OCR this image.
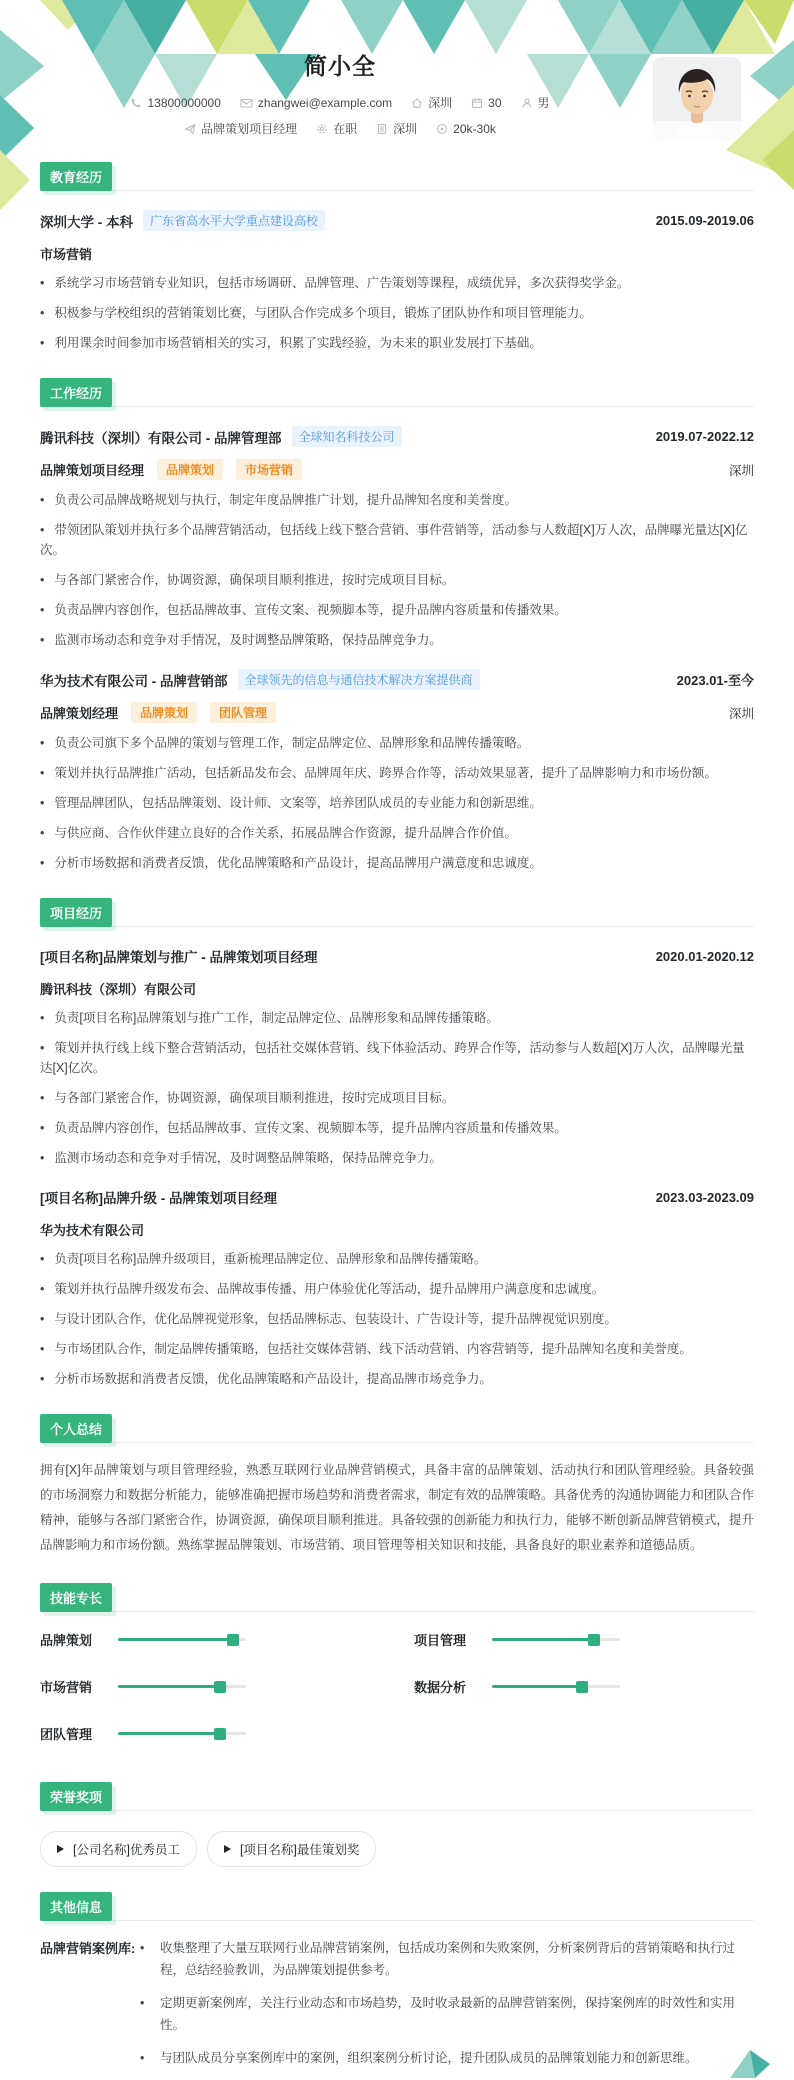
简小全
13800000000	zhangwei@example.com	深圳	30	男
品牌策划项目经理	在职	深圳	20k-30k
教育经历
深圳大学 - 本科	广东省高水平大学重点建设高校	2015.09-2019.06
市场营销
• 系统学习市场营销专业知识，包括市场调研、品牌管理、广告策划等课程，成绩优异，多次获得奖学金。
• 积极参与学校组织的营销策划比赛，与团队合作完成多个项目，锻炼了团队协作和项目管理能力。
• 利用课余时间参加市场营销相关的实习，积累了实践经验，为未来的职业发展打下基础。
工作经历
腾讯科技（深圳）有限公司 - 品牌管理部	全球知名科技公司	2019.07-2022.12
品牌策划项目经理	品牌策划	市场营销	深圳
• 负责公司品牌战略规划与执行，制定年度品牌推广计划，提升品牌知名度和美誉度。
• 带领团队策划并执行多个品牌营销活动，包括线上线下整合营销、事件营销等，活动参与人数超[X]万人次，品牌曝光量达[X]亿次。
• 与各部门紧密合作，协调资源，确保项目顺利推进，按时完成项目目标。
• 负责品牌内容创作，包括品牌故事、宣传文案、视频脚本等，提升品牌内容质量和传播效果。
• 监测市场动态和竞争对手情况，及时调整品牌策略，保持品牌竞争力。
华为技术有限公司 - 品牌营销部	全球领先的信息与通信技术解决方案提供商	2023.01-至今
品牌策划经理	品牌策划	团队管理	深圳
• 负责公司旗下多个品牌的策划与管理工作，制定品牌定位、品牌形象和品牌传播策略。
• 策划并执行品牌推广活动，包括新品发布会、品牌周年庆、跨界合作等，活动效果显著，提升了品牌影响力和市场份额。
• 管理品牌团队，包括品牌策划、设计师、文案等，培养团队成员的专业能力和创新思维。
• 与供应商、合作伙伴建立良好的合作关系，拓展品牌合作资源，提升品牌合作价值。
• 分析市场数据和消费者反馈，优化品牌策略和产品设计，提高品牌用户满意度和忠诚度。
项目经历
[项目名称]品牌策划与推广 - 品牌策划项目经理	2020.01-2020.12
腾讯科技（深圳）有限公司
• 负责[项目名称]品牌策划与推广工作，制定品牌定位、品牌形象和品牌传播策略。
• 策划并执行线上线下整合营销活动，包括社交媒体营销、线下体验活动、跨界合作等，活动参与人数超[X]万人次，品牌曝光量达[X]亿次。
• 与各部门紧密合作，协调资源，确保项目顺利推进，按时完成项目目标。
• 负责品牌内容创作，包括品牌故事、宣传文案、视频脚本等，提升品牌内容质量和传播效果。
• 监测市场动态和竞争对手情况，及时调整品牌策略，保持品牌竞争力。
[项目名称]品牌升级 - 品牌策划项目经理	2023.03-2023.09
华为技术有限公司
• 负责[项目名称]品牌升级项目，重新梳理品牌定位、品牌形象和品牌传播策略。
• 策划并执行品牌升级发布会、品牌故事传播、用户体验优化等活动，提升品牌用户满意度和忠诚度。
• 与设计团队合作，优化品牌视觉形象，包括品牌标志、包装设计、广告设计等，提升品牌视觉识别度。
• 与市场团队合作，制定品牌传播策略，包括社交媒体营销、线下活动营销、内容营销等，提升品牌知名度和美誉度。
• 分析市场数据和消费者反馈，优化品牌策略和产品设计，提高品牌市场竞争力。
个人总结
拥有[X]年品牌策划与项目管理经验，熟悉互联网行业品牌营销模式，具备丰富的品牌策划、活动执行和团队管理经验。具备较强的市场洞察力和数据分析能力，能够准确把握市场趋势和消费者需求，制定有效的品牌策略。具备优秀的沟通协调能力和团队合作精神，能够与各部门紧密合作，协调资源，确保项目顺利推进。具备较强的创新能力和执行力，能够不断创新品牌营销模式，提升品牌影响力和市场份额。熟练掌握品牌策划、市场营销、项目管理等相关知识和技能，具备良好的职业素养和道德品质。
技能专长
品牌策划	项目管理
市场营销	数据分析
团队管理
荣誉奖项
[公司名称]优秀员工	[项目名称]最佳策划奖
其他信息
品牌营销案例库:	• 收集整理了大量互联网行业品牌营销案例，包括成功案例和失败案例，分析案例背后的营销策略和执行过程，总结经验教训，为品牌策划提供参考。
• 定期更新案例库，关注行业动态和市场趋势，及时收录最新的品牌营销案例，保持案例库的时效性和实用性。
• 与团队成员分享案例库中的案例，组织案例分析讨论，提升团队成员的品牌策划能力和创新思维。
